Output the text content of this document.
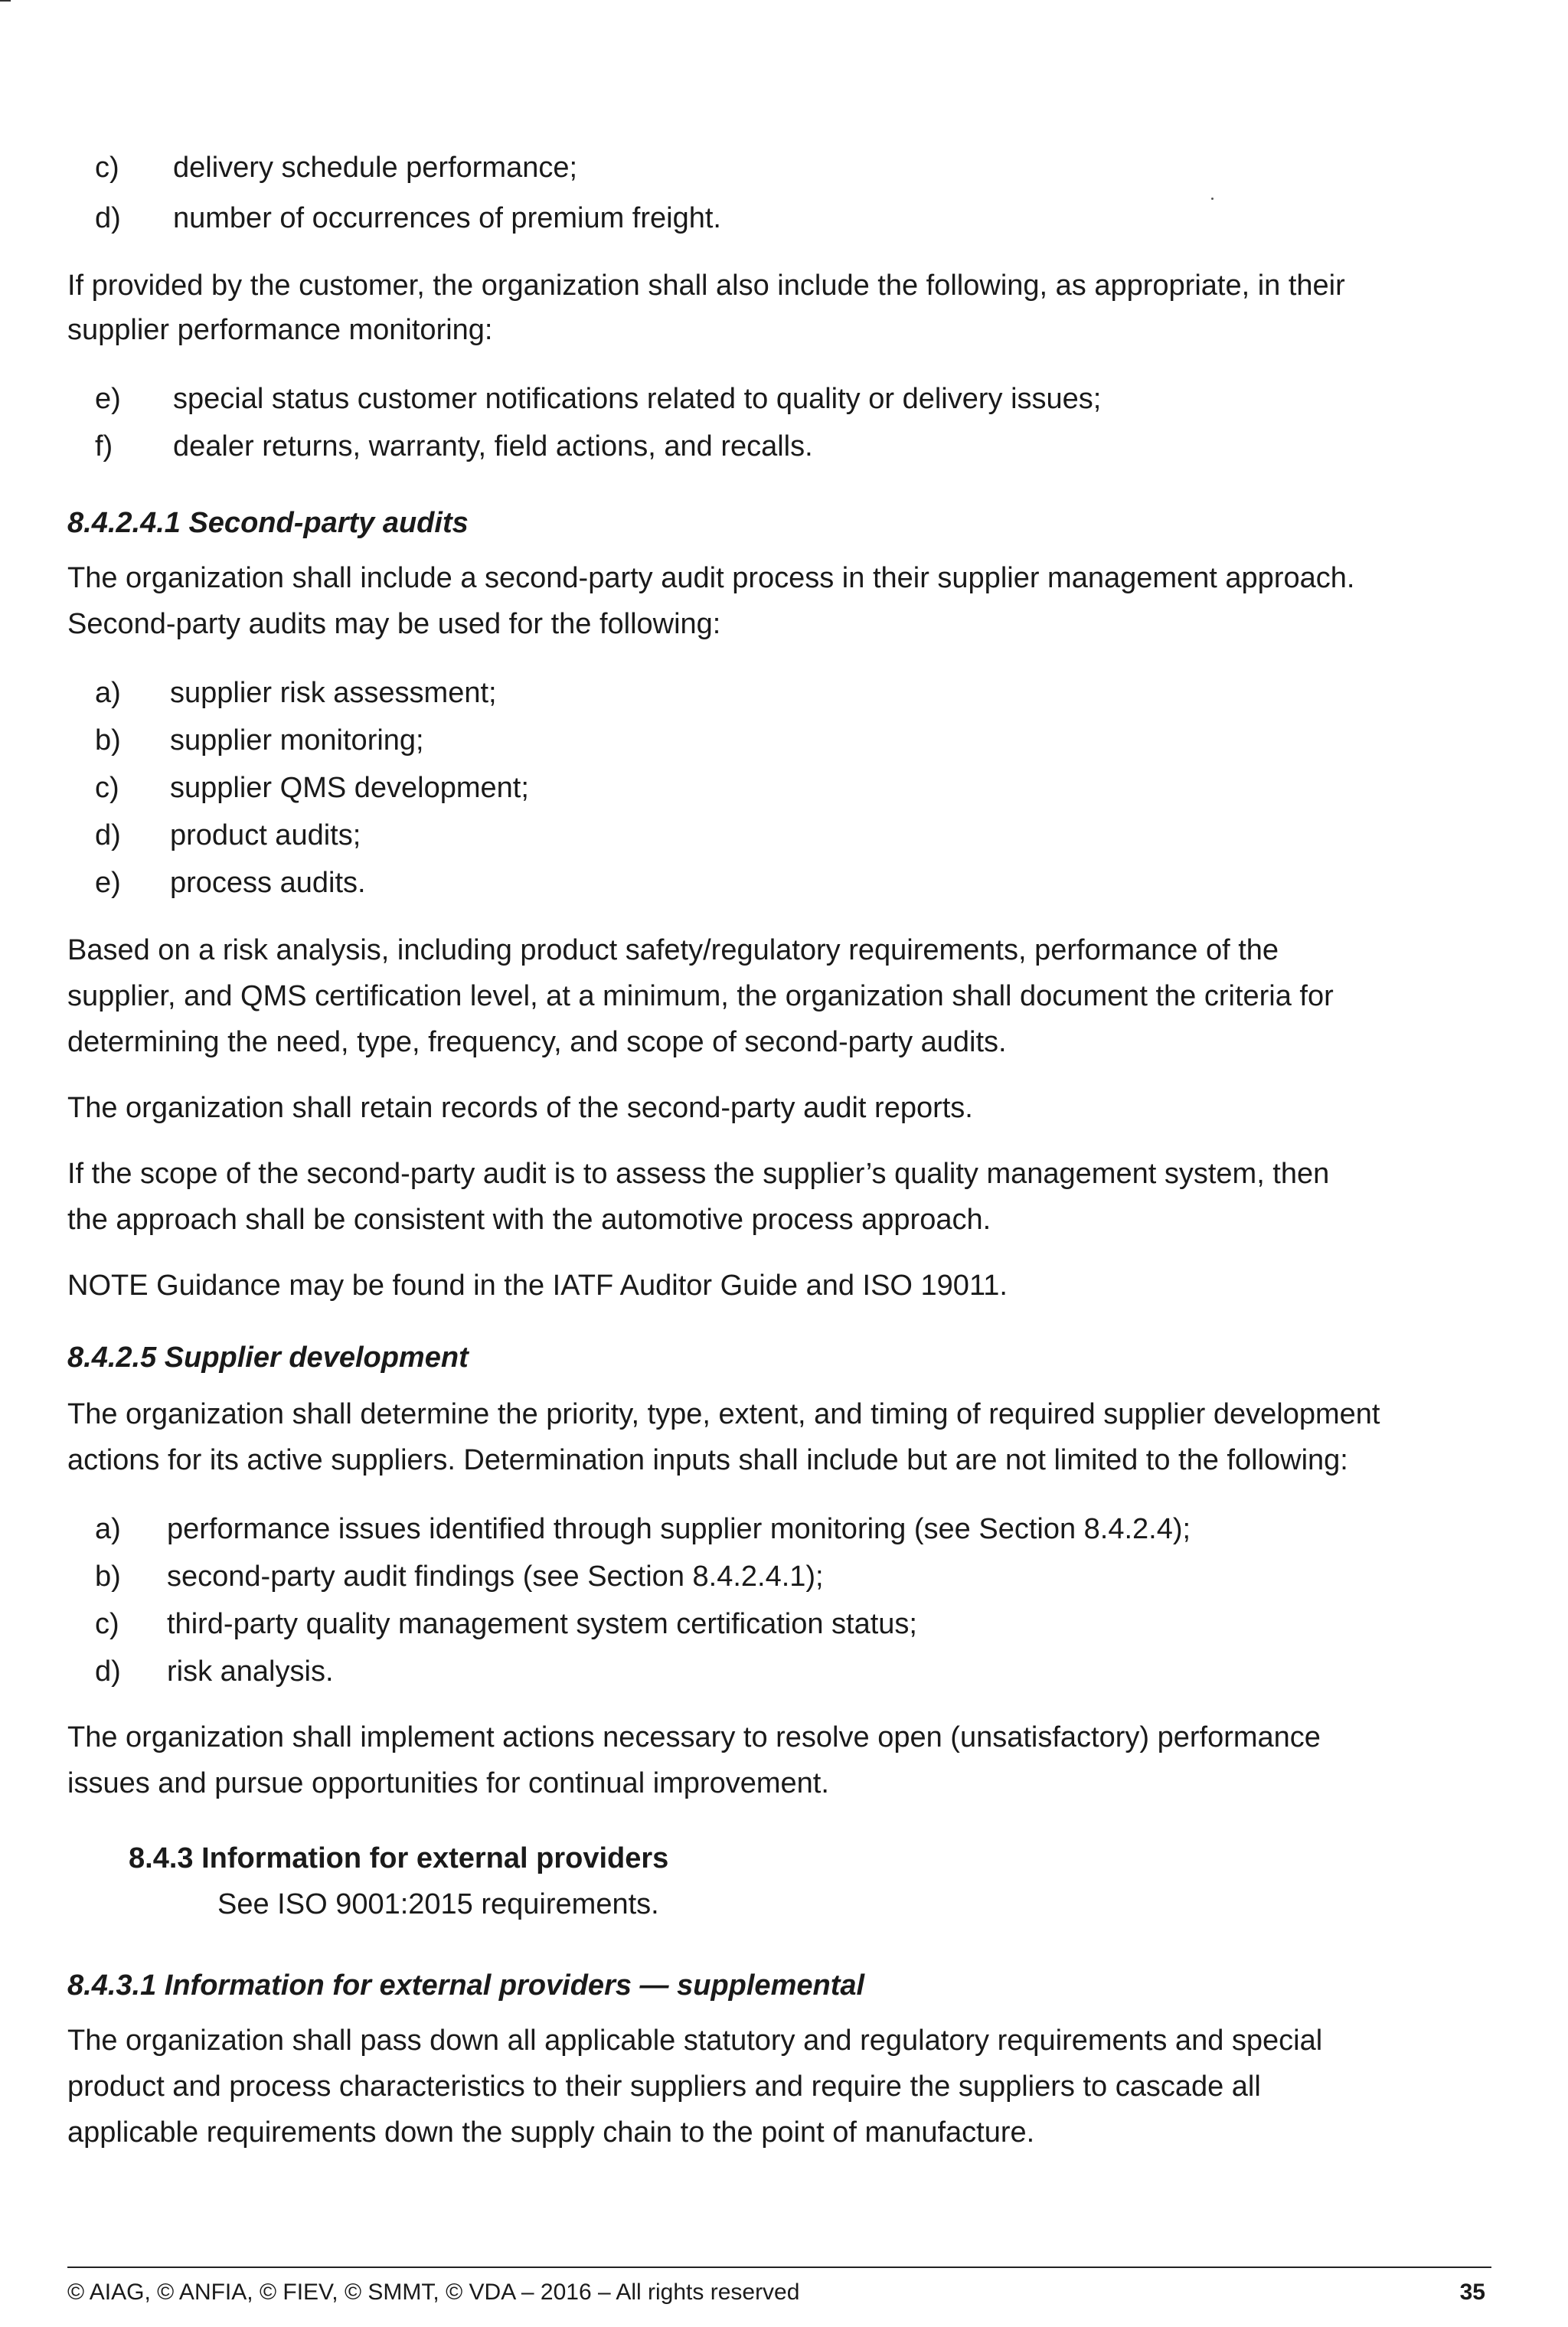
c) delivery schedule performance;
d) number of occurrences of premium freight.
If provided by the customer, the organization shall also include the following, as appropriate, in their
supplier performance monitoring:
e) special status customer notifications related to quality or delivery issues;
f) dealer returns, warranty, field actions, and recalls.
8.4.2.4.1 Second-party audits
The organization shall include a second-party audit process in their supplier management approach.
Second-party audits may be used for the following:
a) supplier risk assessment;
b) supplier monitoring;
c) supplier QMS development;
d) product audits;
e) process audits.
Based on a risk analysis, including product safety/regulatory requirements, performance of the
supplier, and QMS certification level, at a minimum, the organization shall document the criteria for
determining the need, type, frequency, and scope of second-party audits.
The organization shall retain records of the second-party audit reports.
If the scope of the second-party audit is to assess the supplier’s quality management system, then
the approach shall be consistent with the automotive process approach.
NOTE Guidance may be found in the IATF Auditor Guide and ISO 19011.
8.4.2.5 Supplier development
The organization shall determine the priority, type, extent, and timing of required supplier development
actions for its active suppliers. Determination inputs shall include but are not limited to the following:
a) performance issues identified through supplier monitoring (see Section 8.4.2.4);
b) second-party audit findings (see Section 8.4.2.4.1);
c) third-party quality management system certification status;
d) risk analysis.
The organization shall implement actions necessary to resolve open (unsatisfactory) performance
issues and pursue opportunities for continual improvement.
8.4.3 Information for external providers
See ISO 9001:2015 requirements.
8.4.3.1 Information for external providers — supplemental
The organization shall pass down all applicable statutory and regulatory requirements and special
product and process characteristics to their suppliers and require the suppliers to cascade all
applicable requirements down the supply chain to the point of manufacture.
© AIAG, © ANFIA, © FIEV, © SMMT, © VDA – 2016 – All rights reserved	35
